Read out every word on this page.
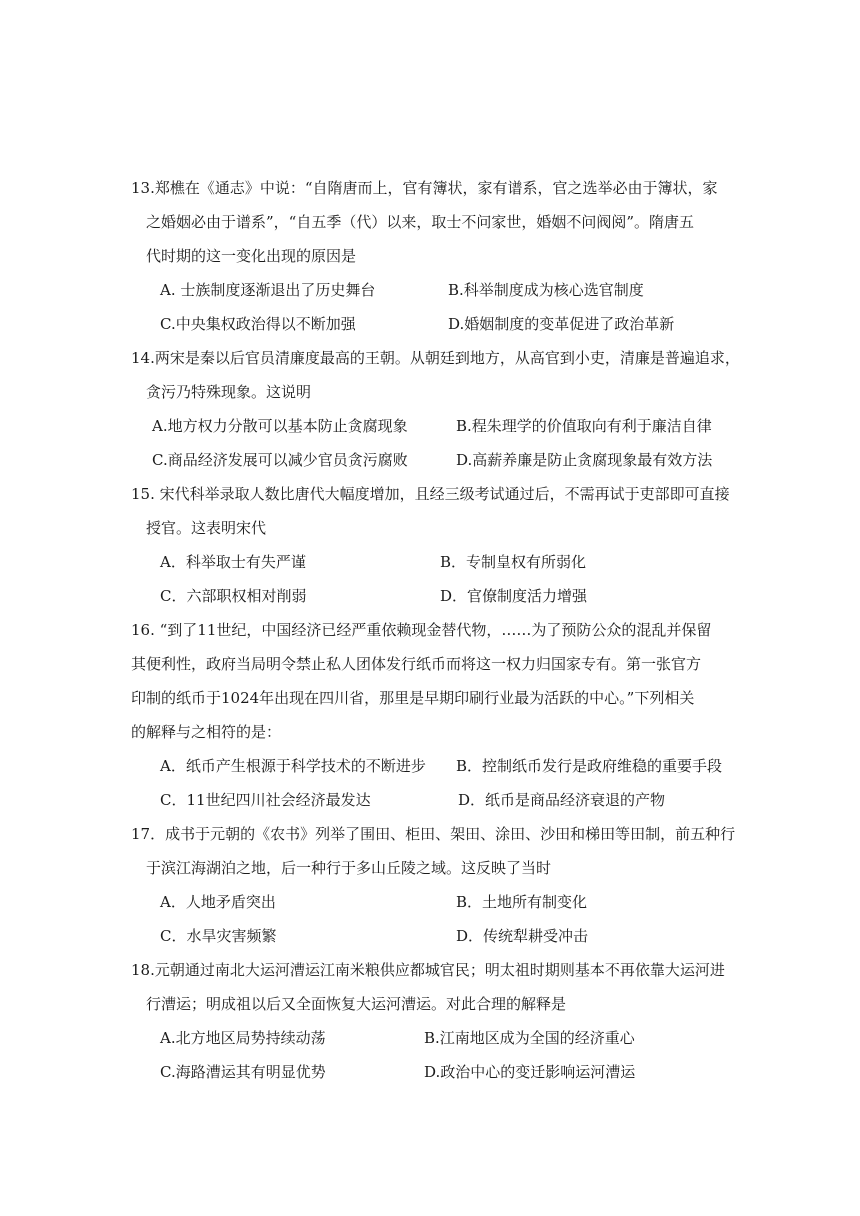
13.郑樵在《通志》中说：“自隋唐而上，官有簿状，家有谱系，官之选举必由于簿状，家
之婚姻必由于谱系”，“自五季（代）以来，取士不问家世，婚姻不问阀阅”。隋唐五
代时期的这一变化出现的原因是
A. 士族制度逐渐退出了历史舞台	B.科举制度成为核心选官制度
C.中央集权政治得以不断加强	D.婚姻制度的变革促进了政治革新
14.两宋是秦以后官员清廉度最高的王朝。从朝廷到地方，从高官到小吏，清廉是普遍追求，
贪污乃特殊现象。这说明
A.地方权力分散可以基本防止贪腐现象	B.程朱理学的价值取向有利于廉洁自律
C.商品经济发展可以减少官员贪污腐败	D.高薪养廉是防止贪腐现象最有效方法
15. 宋代科举录取人数比唐代大幅度增加，且经三级考试通过后，不需再试于吏部即可直接
授官。这表明宋代
A．科举取士有失严谨	B．专制皇权有所弱化
C．六部职权相对削弱	D．官僚制度活力增强
16. “到了11世纪，中国经济已经严重依赖现金替代物，……为了预防公众的混乱并保留
其便利性，政府当局明令禁止私人团体发行纸币而将这一权力归国家专有。第一张官方
印制的纸币于1024年出现在四川省，那里是早期印刷行业最为活跃的中心。”下列相关
的解释与之相符的是：
A．纸币产生根源于科学技术的不断进步 B．控制纸币发行是政府维稳的重要手段
C．11世纪四川社会经济最发达	D．纸币是商品经济衰退的产物
17．成书于元朝的《农书》列举了围田、柜田、架田、涂田、沙田和梯田等田制，前五种行
于滨江海湖泊之地，后一种行于多山丘陵之域。这反映了当时
A．人地矛盾突出	B．土地所有制变化
C．水旱灾害频繁	D．传统犁耕受冲击
18.元朝通过南北大运河漕运江南米粮供应都城官民；明太祖时期则基本不再依靠大运河进
行漕运；明成祖以后又全面恢复大运河漕运。对此合理的解释是
A.北方地区局势持续动荡	B.江南地区成为全国的经济重心
C.海路漕运其有明显优势	D.政治中心的变迁影响运河漕运
